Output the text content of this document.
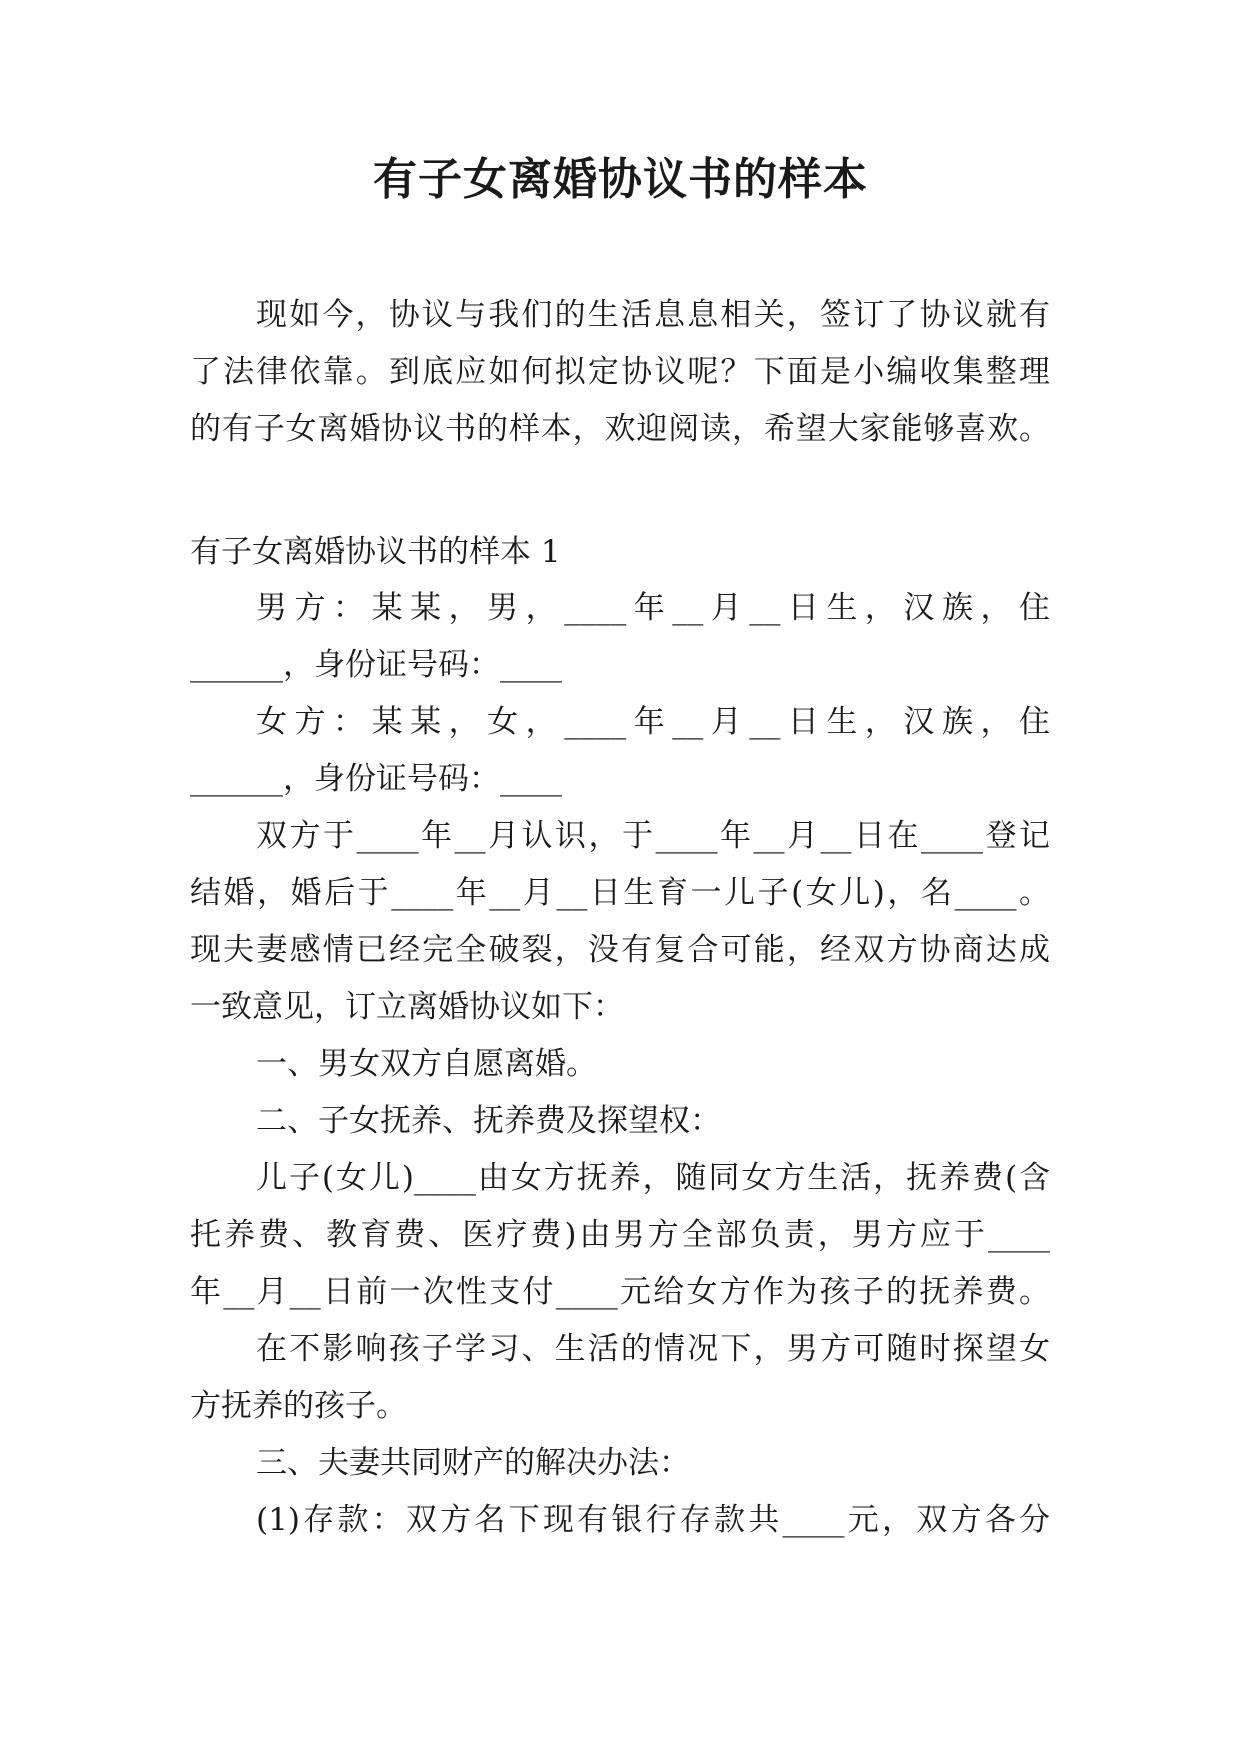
有子女离婚协议书的样本
现如今，协议与我们的生活息息相关，签订了协议就有
了法律依靠。到底应如何拟定协议呢？下面是小编收集整理
的有子女离婚协议书的样本，欢迎阅读，希望大家能够喜欢。
有子女离婚协议书的样本 1
男方：某某，男，____年__月__日生，汉族，住
______，身份证号码：____
女方：某某，女，____年__月__日生，汉族，住
______，身份证号码：____
双方于____年__月认识，于____年__月__日在____登记
结婚，婚后于____年__月__日生育一儿子(女儿)，名____。
现夫妻感情已经完全破裂，没有复合可能，经双方协商达成
一致意见，订立离婚协议如下：
一、男女双方自愿离婚。
二、子女抚养、抚养费及探望权：
儿子(女儿)____由女方抚养，随同女方生活，抚养费(含
托养费、教育费、医疗费)由男方全部负责，男方应于____
年__月__日前一次性支付____元给女方作为孩子的抚养费。
在不影响孩子学习、生活的情况下，男方可随时探望女
方抚养的孩子。
三、夫妻共同财产的解决办法：
(1)存款：双方名下现有银行存款共____元，双方各分
